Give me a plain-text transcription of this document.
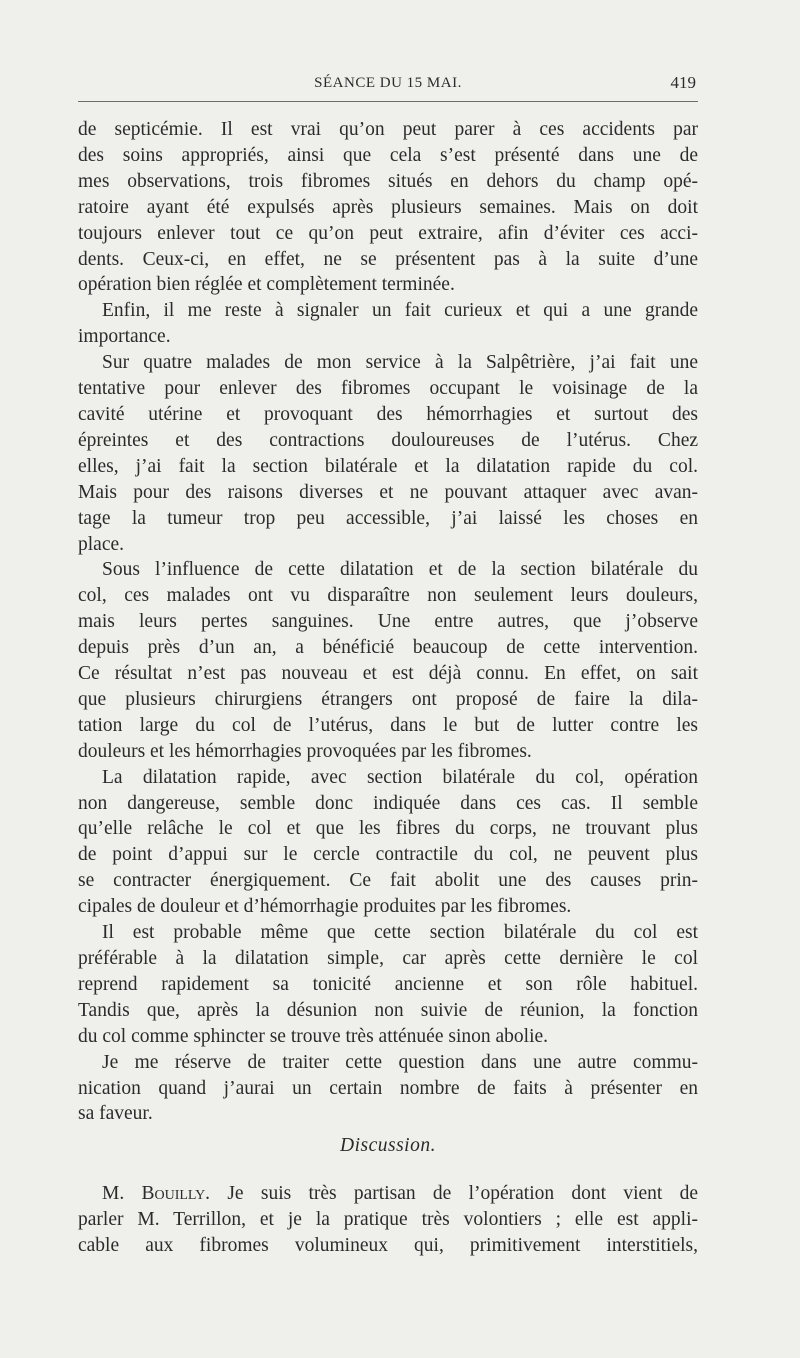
SÉANCE DU 15 MAI.	419

de septicémie. Il est vrai qu’on peut parer à ces accidents par
des soins appropriés, ainsi que cela s’est présenté dans une de
mes observations, trois fibromes situés en dehors du champ opé-
ratoire ayant été expulsés après plusieurs semaines. Mais on doit
toujours enlever tout ce qu’on peut extraire, afin d’éviter ces acci-
dents. Ceux-ci, en effet, ne se présentent pas à la suite d’une
opération bien réglée et complètement terminée.

Enfin, il me reste à signaler un fait curieux et qui a une grande
importance.

Sur quatre malades de mon service à la Salpêtrière, j’ai fait une
tentative pour enlever des fibromes occupant le voisinage de la
cavité utérine et provoquant des hémorrhagies et surtout des
épreintes et des contractions douloureuses de l’utérus. Chez
elles, j’ai fait la section bilatérale et la dilatation rapide du col.
Mais pour des raisons diverses et ne pouvant attaquer avec avan-
tage la tumeur trop peu accessible, j’ai laissé les choses en
place.

Sous l’influence de cette dilatation et de la section bilatérale du
col, ces malades ont vu disparaître non seulement leurs douleurs,
mais leurs pertes sanguines. Une entre autres, que j’observe
depuis près d’un an, a bénéficié beaucoup de cette intervention.
Ce résultat n’est pas nouveau et est déjà connu. En effet, on sait
que plusieurs chirurgiens étrangers ont proposé de faire la dila-
tation large du col de l’utérus, dans le but de lutter contre les
douleurs et les hémorrhagies provoquées par les fibromes.

La dilatation rapide, avec section bilatérale du col, opération
non dangereuse, semble donc indiquée dans ces cas. Il semble
qu’elle relâche le col et que les fibres du corps, ne trouvant plus
de point d’appui sur le cercle contractile du col, ne peuvent plus
se contracter énergiquement. Ce fait abolit une des causes prin-
cipales de douleur et d’hémorrhagie produites par les fibromes.

Il est probable même que cette section bilatérale du col est
préférable à la dilatation simple, car après cette dernière le col
reprend rapidement sa tonicité ancienne et son rôle habituel.
Tandis que, après la désunion non suivie de réunion, la fonction
du col comme sphincter se trouve très atténuée sinon abolie.

Je me réserve de traiter cette question dans une autre commu-
nication quand j’aurai un certain nombre de faits à présenter en
sa faveur.

Discussion.

M. Bouilly. Je suis très partisan de l’opération dont vient de
parler M. Terrillon, et je la pratique très volontiers ; elle est appli-
cable aux fibromes volumineux qui, primitivement interstitiels,
